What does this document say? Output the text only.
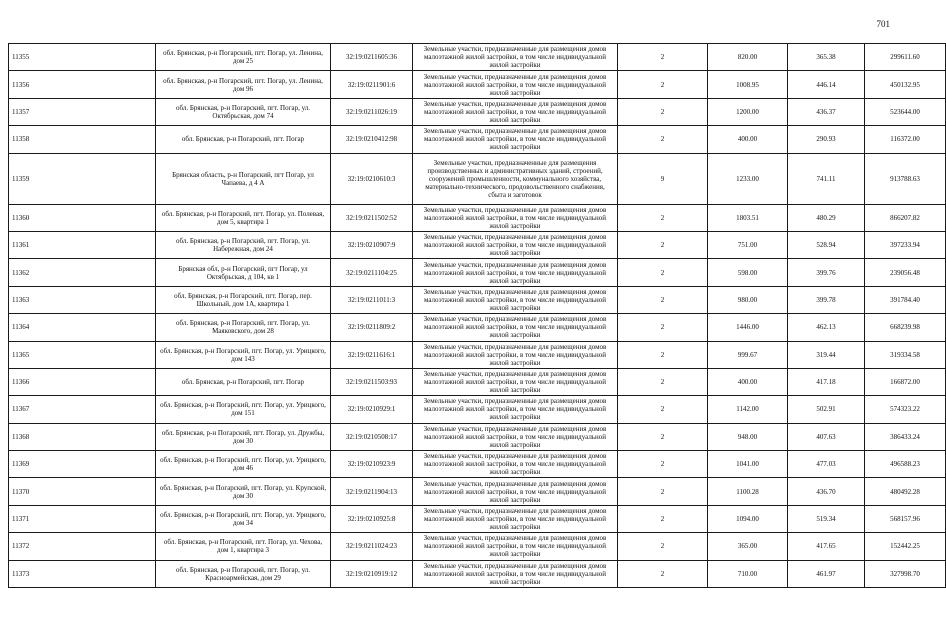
701
11355	обл. Брянская, р-н Погарский, пгт. Погар, ул. Ленина, дом 25	32:19:0211605:36	Земельные участки, предназначенные для размещения домов малоэтажной жилой застройки, в том числе индивидуальной жилой застройки	2	820.00	365.38	299611.60
11356	обл. Брянская, р-н Погарский, пгт. Погар, ул. Ленина, дом 96	32:19:0211901:6	Земельные участки, предназначенные для размещения домов малоэтажной жилой застройки, в том числе индивидуальной жилой застройки	2	1008.95	446.14	450132.95
11357	обл. Брянская, р-н Погарский, пгт. Погар, ул. Октябрьская, дом 74	32:19:0211026:19	Земельные участки, предназначенные для размещения домов малоэтажной жилой застройки, в том числе индивидуальной жилой застройки	2	1200.00	436.37	523644.00
11358	обл. Брянская, р-н Погарский, пгт. Погар	32:19:0210412:98	Земельные участки, предназначенные для размещения домов малоэтажной жилой застройки, в том числе индивидуальной жилой застройки	2	400.00	290.93	116372.00
11359	Брянская область, р-н Погарский, пгт Погар, ул Чапаева, д 4 А	32:19:0210610:3	Земельные участки, предназначенные для размещения производственных и административных зданий, строений, сооружений промышленности, коммунального хозяйства, материально-технического, продовольственного снабжения, сбыта и заготовок	9	1233.00	741.11	913788.63
11360	обл. Брянская, р-н Погарский, пгт. Погар, ул. Полевая, дом 5, квартира 1	32:19:0211502:52	Земельные участки, предназначенные для размещения домов малоэтажной жилой застройки, в том числе индивидуальной жилой застройки	2	1803.51	480.29	866207.82
11361	обл. Брянская, р-н Погарский, пгт. Погар, ул. Набережная, дом 24	32:19:0210907:9	Земельные участки, предназначенные для размещения домов малоэтажной жилой застройки, в том числе индивидуальной жилой застройки	2	751.00	528.94	397233.94
11362	Брянская обл, р-н Погарский, пгт Погар, ул Октябрьская, д 104, кв 1	32:19:0211104:25	Земельные участки, предназначенные для размещения домов малоэтажной жилой застройки, в том числе индивидуальной жилой застройки	2	598.00	399.76	239056.48
11363	обл. Брянская, р-н Погарский, пгт. Погар, пер. Школьный, дом 1А, квартира 1	32:19:0211011:3	Земельные участки, предназначенные для размещения домов малоэтажной жилой застройки, в том числе индивидуальной жилой застройки	2	980.00	399.78	391784.40
11364	обл. Брянская, р-н Погарский, пгт. Погар, ул. Маяковского, дом 28	32:19:0211809:2	Земельные участки, предназначенные для размещения домов малоэтажной жилой застройки, в том числе индивидуальной жилой застройки	2	1446.00	462.13	668239.98
11365	обл. Брянская, р-н Погарский, пгт. Погар, ул. Урицкого, дом 143	32:19:0211616:1	Земельные участки, предназначенные для размещения домов малоэтажной жилой застройки, в том числе индивидуальной жилой застройки	2	999.67	319.44	319334.58
11366	обл. Брянская, р-н Погарский, пгт. Погар	32:19:0211503:93	Земельные участки, предназначенные для размещения домов малоэтажной жилой застройки, в том числе индивидуальной жилой застройки	2	400.00	417.18	166872.00
11367	обл. Брянская, р-н Погарский, пгт. Погар, ул. Урицкого, дом 151	32:19:0210929:1	Земельные участки, предназначенные для размещения домов малоэтажной жилой застройки, в том числе индивидуальной жилой застройки	2	1142.00	502.91	574323.22
11368	обл. Брянская, р-н Погарский, пгт. Погар, ул. Дружбы, дом 30	32:19:0210508:17	Земельные участки, предназначенные для размещения домов малоэтажной жилой застройки, в том числе индивидуальной жилой застройки	2	948.00	407.63	386433.24
11369	обл. Брянская, р-н Погарский, пгт. Погар, ул. Урицкого, дом 46	32:19:0210923:9	Земельные участки, предназначенные для размещения домов малоэтажной жилой застройки, в том числе индивидуальной жилой застройки	2	1041.00	477.03	496588.23
11370	обл. Брянская, р-н Погарский, пгт. Погар, ул. Крупской, дом 30	32:19:0211904:13	Земельные участки, предназначенные для размещения домов малоэтажной жилой застройки, в том числе индивидуальной жилой застройки	2	1100.28	436.70	480492.28
11371	обл. Брянская, р-н Погарский, пгт. Погар, ул. Урицкого, дом 34	32:19:0210925:8	Земельные участки, предназначенные для размещения домов малоэтажной жилой застройки, в том числе индивидуальной жилой застройки	2	1094.00	519.34	568157.96
11372	обл. Брянская, р-н Погарский, пгт. Погар, ул. Чехова, дом 1, квартира 3	32:19:0211024:23	Земельные участки, предназначенные для размещения домов малоэтажной жилой застройки, в том числе индивидуальной жилой застройки	2	365.00	417.65	152442.25
11373	обл. Брянская, р-н Погарский, пгт. Погар, ул. Красноармейская, дом 29	32:19:0210919:12	Земельные участки, предназначенные для размещения домов малоэтажной жилой застройки, в том числе индивидуальной жилой застройки	2	710.00	461.97	327998.70
